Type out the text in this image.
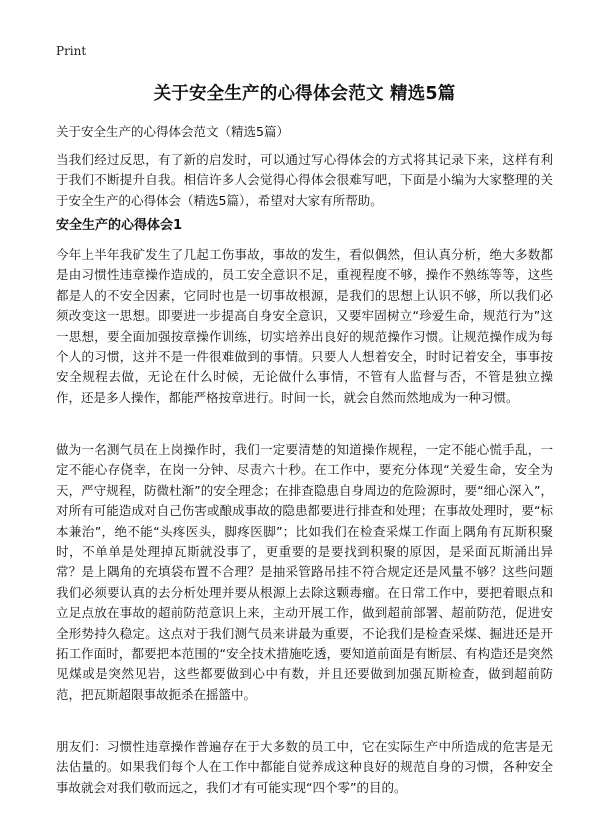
Print
关于安全生产的心得体会范文 精选5篇
关于安全生产的心得体会范文（精选5篇）
当我们经过反思，有了新的启发时，可以通过写心得体会的方式将其记录下来，这样有利于我们不断提升自我。相信许多人会觉得心得体会很难写吧，下面是小编为大家整理的关于安全生产的心得体会（精选5篇），希望对大家有所帮助。
安全生产的心得体会1
今年上半年我矿发生了几起工伤事故，事故的发生，看似偶然，但认真分析，绝大多数都是由习惯性违章操作造成的，员工安全意识不足，重视程度不够，操作不熟练等等，这些都是人的不安全因素，它同时也是一切事故根源，是我们的思想上认识不够，所以我们必须改变这一思想。即要进一步提高自身安全意识，又要牢固树立“珍爱生命，规范行为”这一思想，要全面加强按章操作训练，切实培养出良好的规范操作习惯。让规范操作成为每个人的习惯，这并不是一件很难做到的事情。只要人人想着安全，时时记着安全，事事按安全规程去做，无论在什么时候，无论做什么事情，不管有人监督与否，不管是独立操作，还是多人操作，都能严格按章进行。时间一长，就会自然而然地成为一种习惯。
做为一名测气员在上岗操作时，我们一定要清楚的知道操作规程，一定不能心慌手乱，一定不能心存侥幸，在岗一分钟、尽责六十秒。在工作中，要充分体现“关爱生命，安全为天，严守规程，防微杜渐”的安全理念；在排查隐患自身周边的危险源时，要“细心深入”，对所有可能造成对自己伤害或酿成事故的隐患都要进行排查和处理；在事故处理时，要“标本兼治”，绝不能“头疼医头，脚疼医脚”；比如我们在检查采煤工作面上隅角有瓦斯积聚时，不单单是处理掉瓦斯就没事了，更重要的是要找到积聚的原因，是采面瓦斯涌出异常？是上隅角的充填袋布置不合理？是抽采管路吊挂不符合规定还是风量不够？这些问题我们必须要认真的去分析处理并要从根源上去除这颗毒瘤。在日常工作中，要把着眼点和立足点放在事故的超前防范意识上来，主动开展工作，做到超前部署、超前防范，促进安全形势持久稳定。这点对于我们测气员来讲最为重要，不论我们是检查采煤、掘进还是开拓工作面时，都要把本范围的“安全技术措施吃透，要知道前面是有断层、有构造还是突然见煤或是突然见岩，这些都要做到心中有数，并且还要做到加强瓦斯检查，做到超前防范，把瓦斯超限事故扼杀在摇篮中。
朋友们：习惯性违章操作普遍存在于大多数的员工中，它在实际生产中所造成的危害是无法估量的。如果我们每个人在工作中都能自觉养成这种良好的规范自身的习惯，各种安全事故就会对我们敬而远之，我们才有可能实现“四个零”的目的。
